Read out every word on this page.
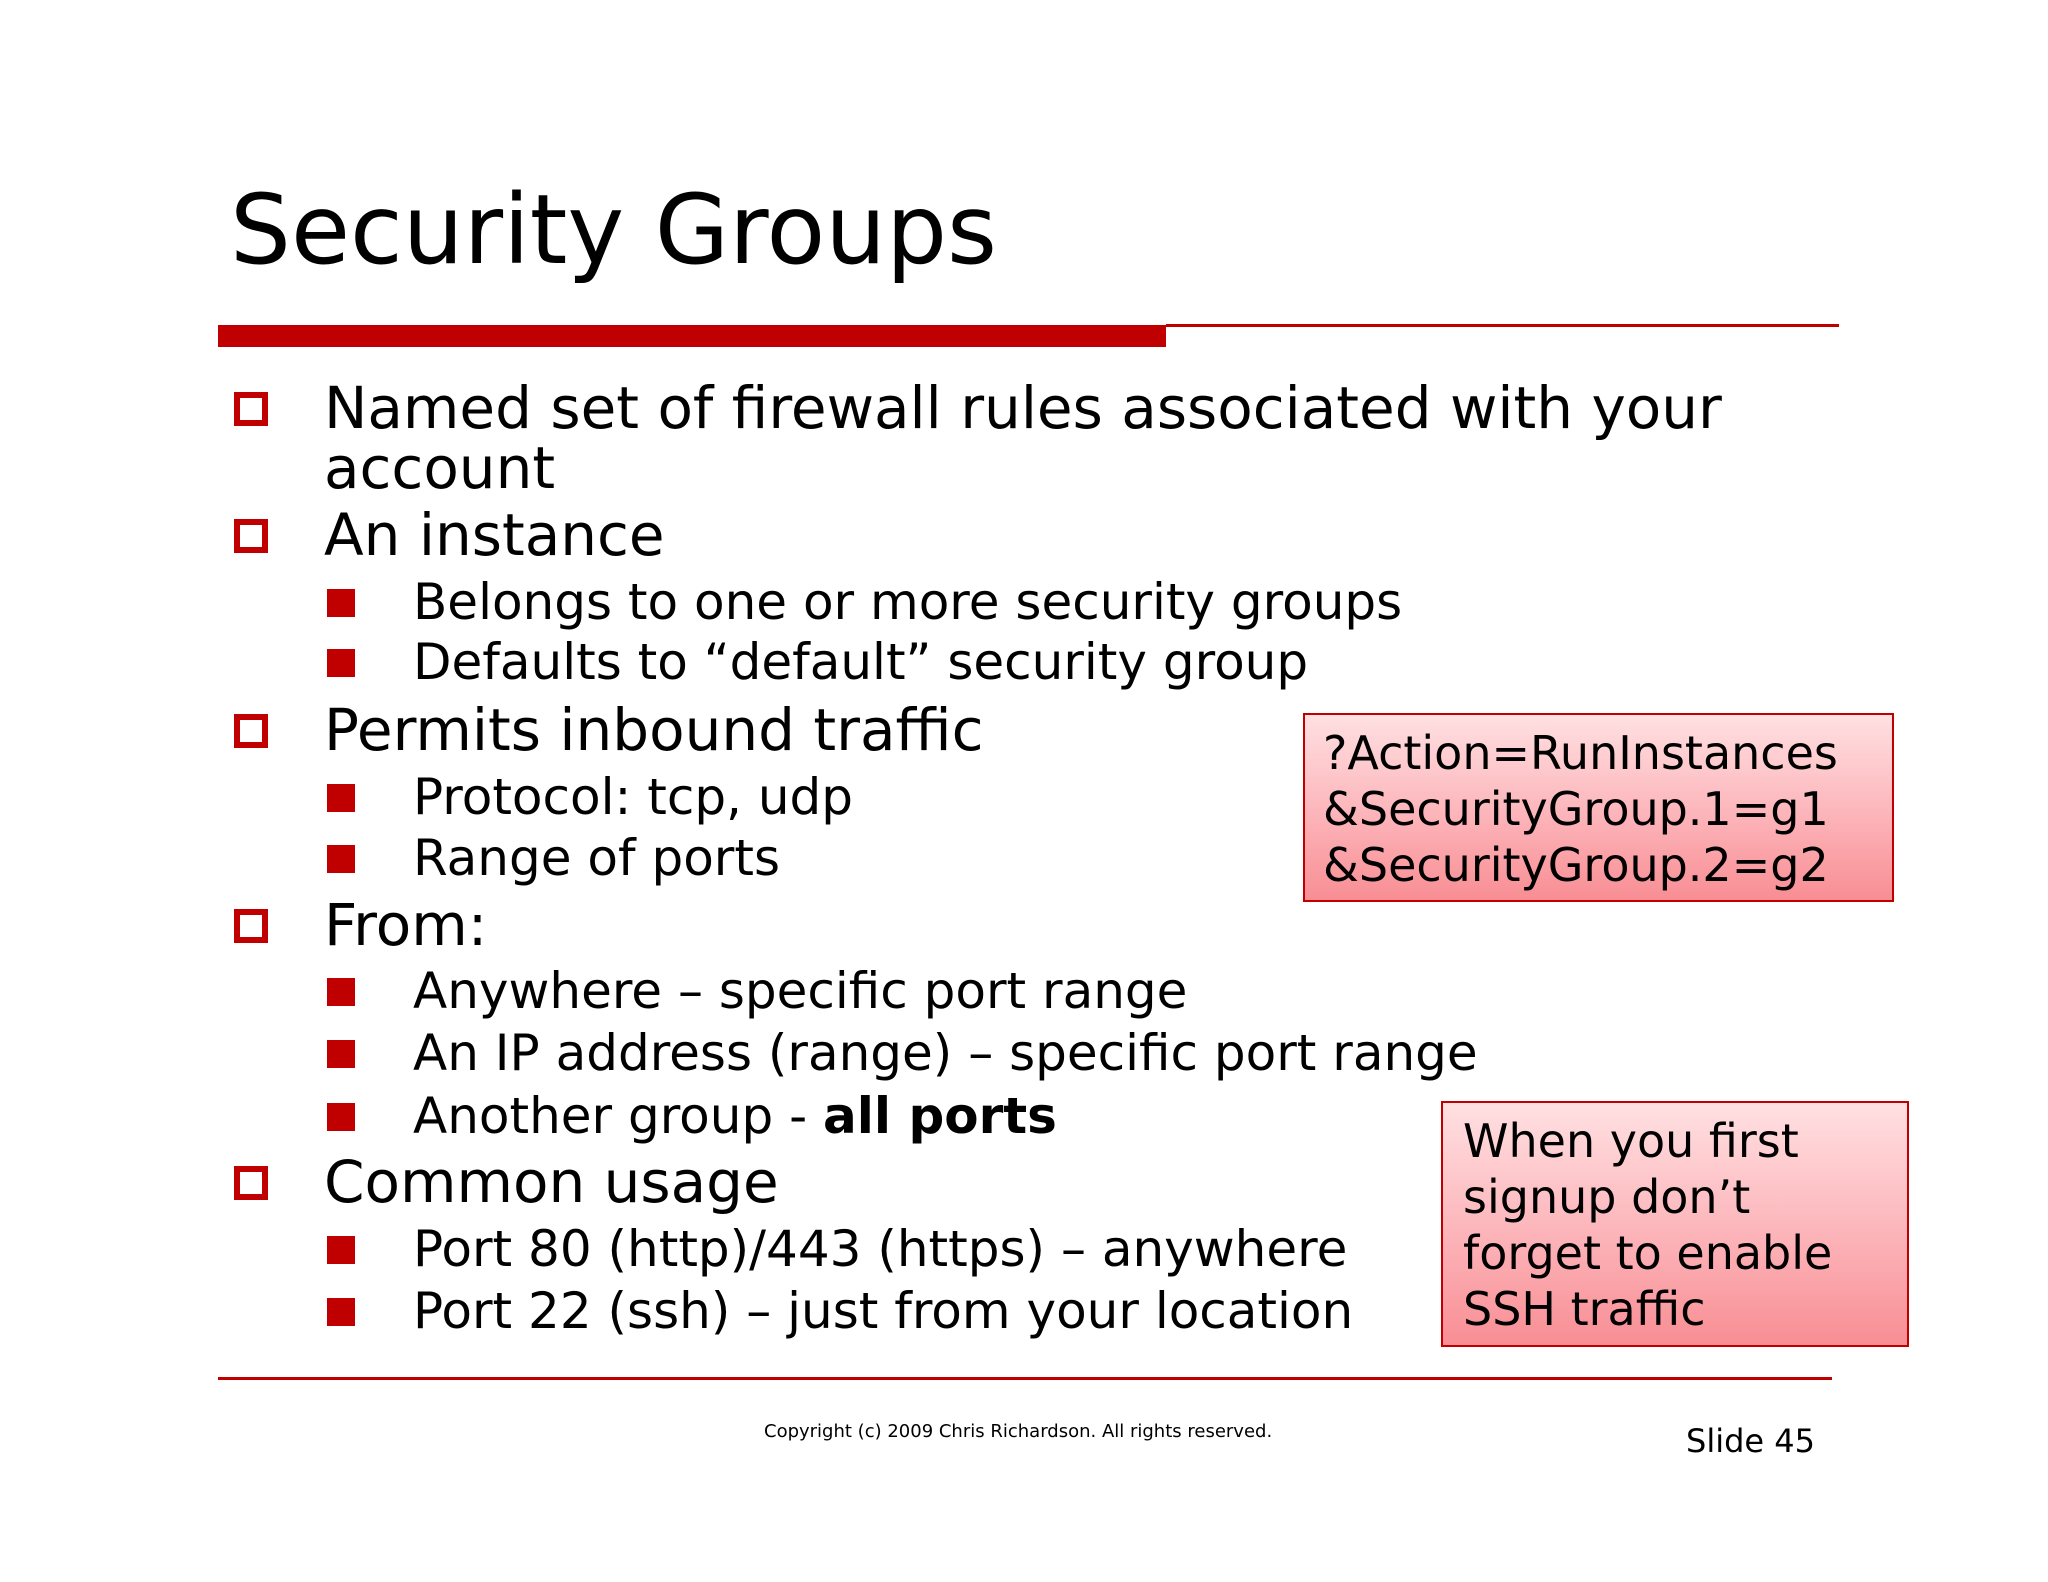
Security Groups
Named set of firewall rules associated with your
account
An instance
Belongs to one or more security groups
Defaults to “default” security group
Permits inbound traffic
Protocol: tcp, udp
Range of ports
From:
Anywhere – specific port range
An IP address (range) – specific port range
Another group - all ports
Common usage
Port 80 (http)/443 (https) – anywhere
Port 22 (ssh) – just from your location
?Action=RunInstances
&SecurityGroup.1=g1
&SecurityGroup.2=g2
When you first
signup don’t
forget to enable
SSH traffic
Copyright (c) 2009 Chris Richardson. All rights reserved.	Slide 45
